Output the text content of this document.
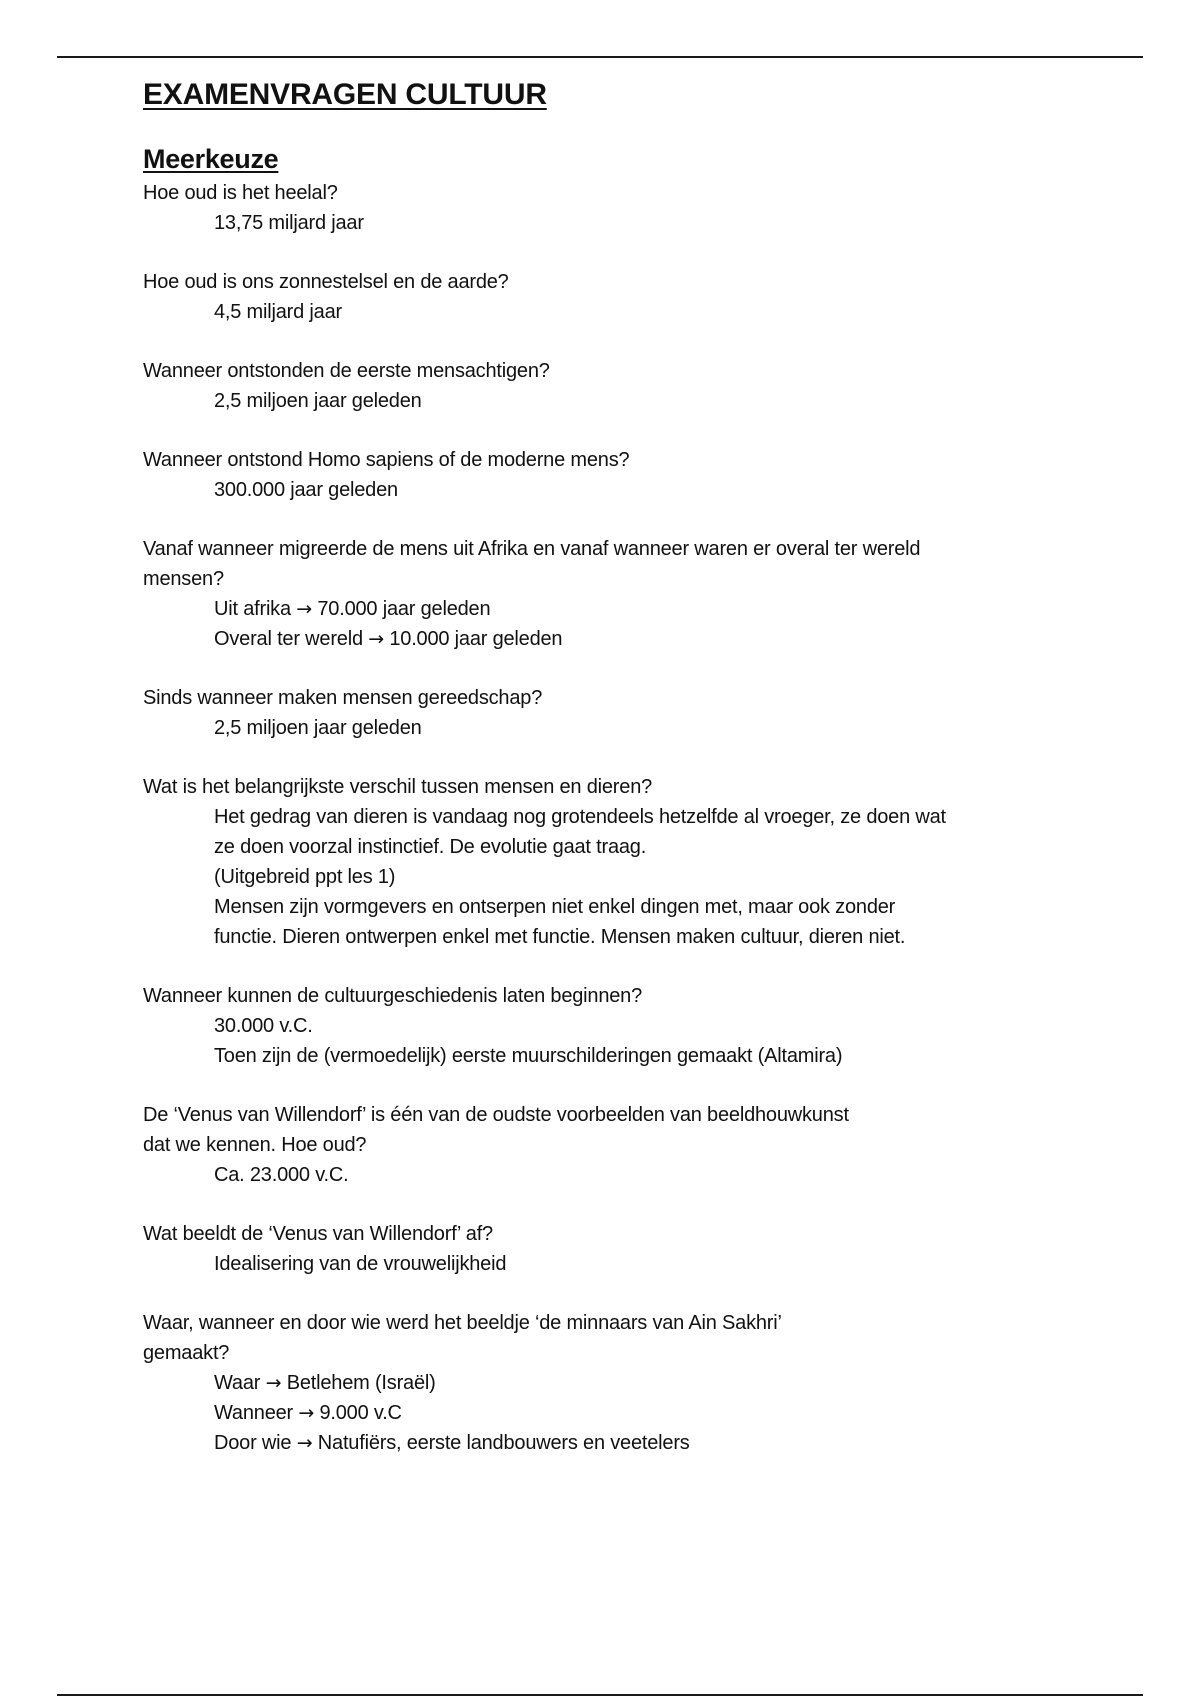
EXAMENVRAGEN CULTUUR
Meerkeuze

Hoe oud is het heelal?

13,75 miljard jaar

Hoe oud is ons zonnestelsel en de aarde?

4,5 miljard jaar

Wanneer ontstonden de eerste mensachtigen?

2,5 miljoen jaar geleden

Wanneer ontstond Homo sapiens of de moderne mens?

300.000 jaar geleden

Vanaf wanneer migreerde de mens uit Afrika en vanaf wanneer waren er overal ter wereld

mensen?

Uit afrika → 70.000 jaar geleden

Overal ter wereld → 10.000 jaar geleden

Sinds wanneer maken mensen gereedschap?

2,5 miljoen jaar geleden

Wat is het belangrijkste verschil tussen mensen en dieren?

Het gedrag van dieren is vandaag nog grotendeels hetzelfde al vroeger, ze doen wat

ze doen voorzal instinctief. De evolutie gaat traag.

(Uitgebreid ppt les 1)

Mensen zijn vormgevers en ontserpen niet enkel dingen met, maar ook zonder

functie. Dieren ontwerpen enkel met functie. Mensen maken cultuur, dieren niet.

Wanneer kunnen de cultuurgeschiedenis laten beginnen?

30.000 v.C.

Toen zijn de (vermoedelijk) eerste muurschilderingen gemaakt (Altamira)

De ‘Venus van Willendorf’ is één van de oudste voorbeelden van beeldhouwkunst

dat we kennen. Hoe oud?

Ca. 23.000 v.C.

Wat beeldt de ‘Venus van Willendorf’ af?

Idealisering van de vrouwelijkheid

Waar, wanneer en door wie werd het beeldje ‘de minnaars van Ain Sakhri’

gemaakt?

Waar → Betlehem (Israël)

Wanneer → 9.000 v.C

Door wie → Natufiërs, eerste landbouwers en veetelers
